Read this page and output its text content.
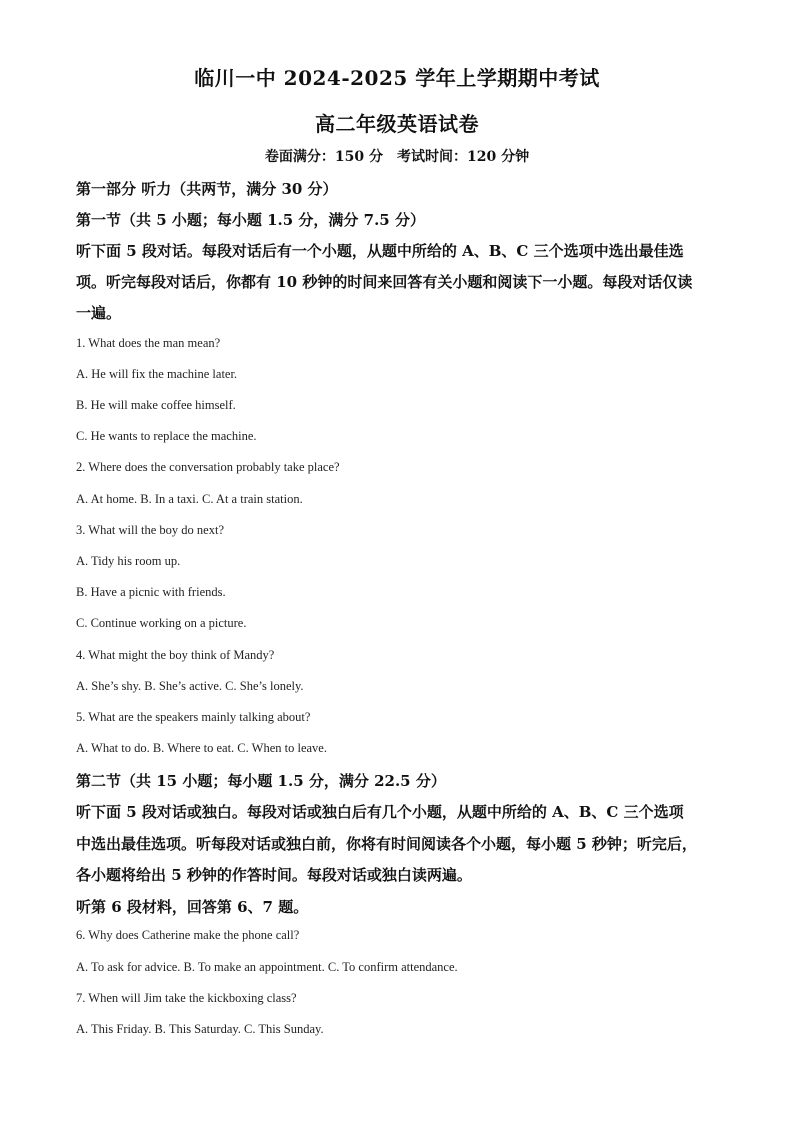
临川一中 2024-2025 学年上学期期中考试
高二年级英语试卷
卷面满分：150 分 考试时间：120 分钟
第一部分 听力（共两节，满分 30 分）
第一节（共 5 小题；每小题 1.5 分，满分 7.5 分）
听下面 5 段对话。每段对话后有一个小题，从题中所给的 A、B、C 三个选项中选出最佳选
项。听完每段对话后，你都有 10 秒钟的时间来回答有关小题和阅读下一小题。每段对话仅读
一遍。
1. What does the man mean?
A. He will fix the machine later.
B. He will make coffee himself.
C. He wants to replace the machine.
2. Where does the conversation probably take place?
A. At home. B. In a taxi. C. At a train station.
3. What will the boy do next?
A. Tidy his room up.
B. Have a picnic with friends.
C. Continue working on a picture.
4. What might the boy think of Mandy?
A. She’s shy. B. She’s active. C. She’s lonely.
5. What are the speakers mainly talking about?
A. What to do. B. Where to eat. C. When to leave.
第二节（共 15 小题；每小题 1.5 分，满分 22.5 分）
听下面 5 段对话或独白。每段对话或独白后有几个小题，从题中所给的 A、B、C 三个选项
中选出最佳选项。听每段对话或独白前，你将有时间阅读各个小题，每小题 5 秒钟；听完后，
各小题将给出 5 秒钟的作答时间。每段对话或独白读两遍。
听第 6 段材料，回答第 6、7 题。
6. Why does Catherine make the phone call?
A. To ask for advice. B. To make an appointment. C. To confirm attendance.
7. When will Jim take the kickboxing class?
A. This Friday. B. This Saturday. C. This Sunday.
